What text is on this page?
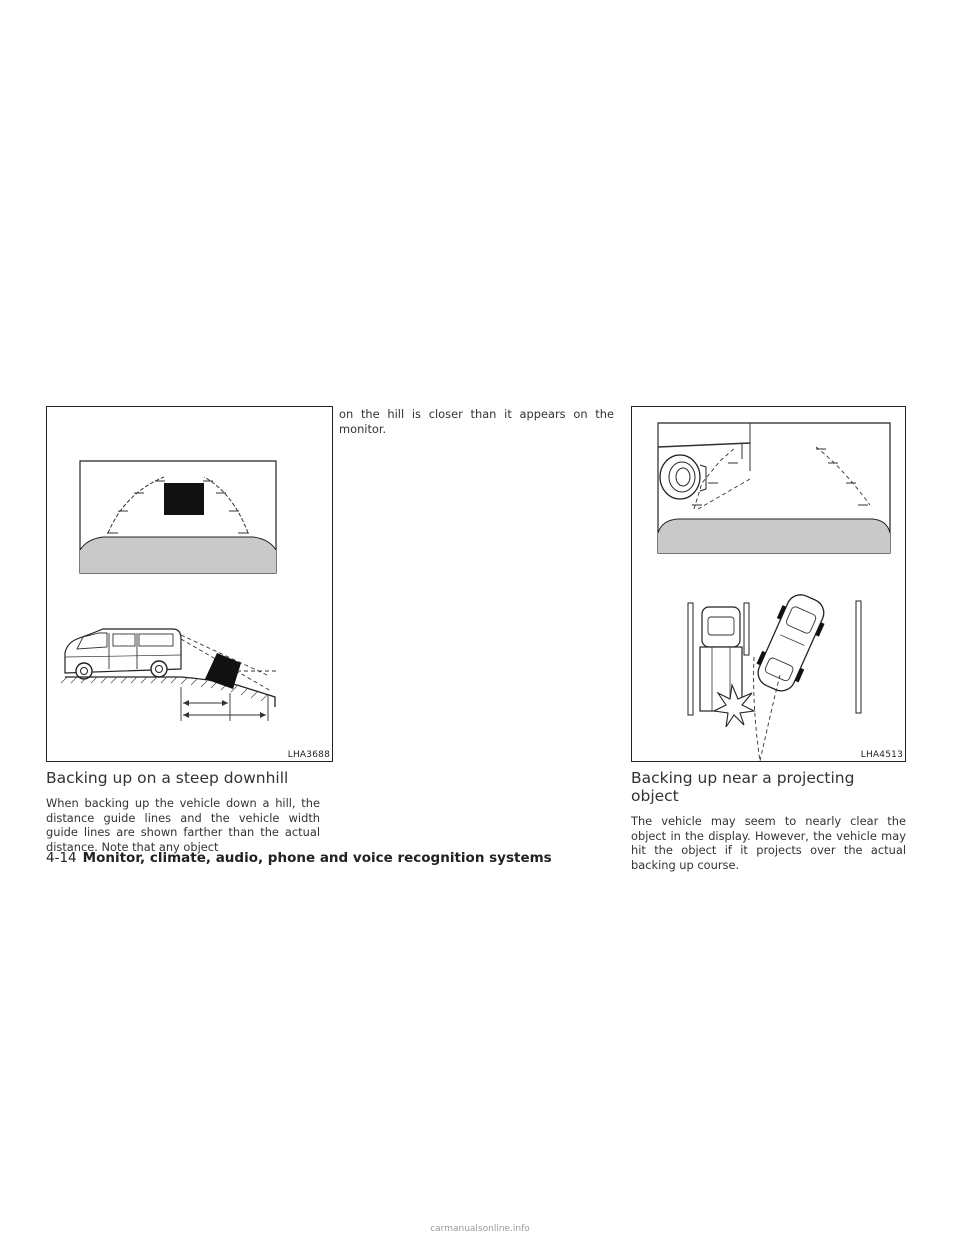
LHA3688
Backing up on a steep downhill

When backing up the vehicle down a hill, the distance guide lines and the vehicle width guide lines are shown farther than the actual distance. Note that any object

on the hill is closer than it appears on the monitor.

LHA4513
Backing up near a projecting object

The vehicle may seem to nearly clear the object in the display. However, the vehicle may hit the object if it projects over the actual backing up course.

4-14 Monitor, climate, audio, phone and voice recognition systems
carmanualsonline.info
